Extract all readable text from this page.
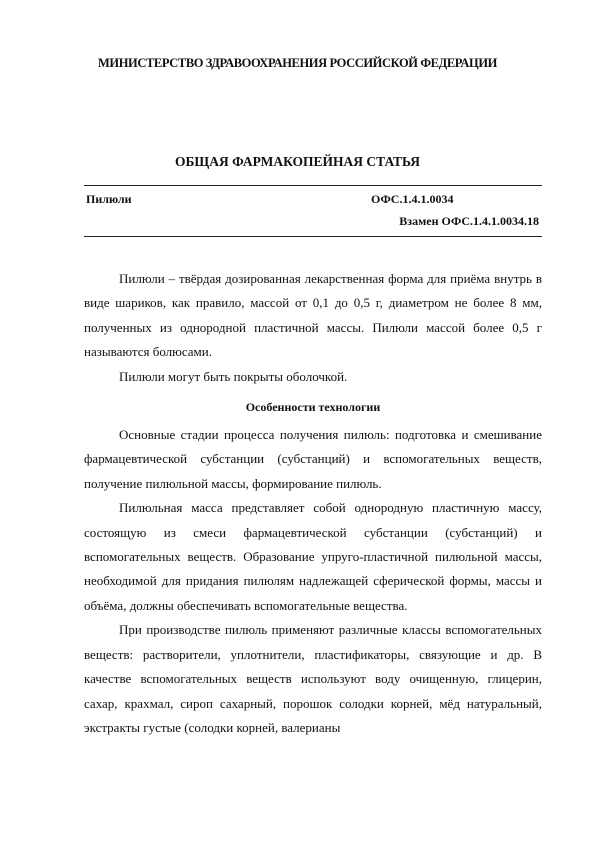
МИНИСТЕРСТВО ЗДРАВООХРАНЕНИЯ РОССИЙСКОЙ ФЕДЕРАЦИИ
ОБЩАЯ ФАРМАКОПЕЙНАЯ СТАТЬЯ
Пилюли	ОФС.1.4.1.0034
Взамен ОФС.1.4.1.0034.18

Пилюли – твёрдая дозированная лекарственная форма для приёма внутрь в виде шариков, как правило, массой от 0,1 до 0,5 г, диаметром не более 8 мм, полученных из однородной пластичной массы. Пилюли массой более 0,5 г называются болюсами.

Пилюли могут быть покрыты оболочкой.

Особенности технологии

Основные стадии процесса получения пилюль: подготовка и смешивание фармацевтической субстанции (субстанций) и вспомогательных веществ, получение пилюльной массы, формирование пилюль.

Пилюльная масса представляет собой однородную пластичную массу, состоящую из смеси фармацевтической субстанции (субстанций) и вспомогательных веществ. Образование упруго-пластичной пилюльной массы, необходимой для придания пилюлям надлежащей сферической формы, массы и объёма, должны обеспечивать вспомогательные вещества.

При производстве пилюль применяют различные классы вспомогательных веществ: растворители, уплотнители, пластификаторы, связующие и др. В качестве вспомогательных веществ используют воду очищенную, глицерин, сахар, крахмал, сироп сахарный, порошок солодки корней, мёд натуральный, экстракты густые (солодки корней, валерианы
